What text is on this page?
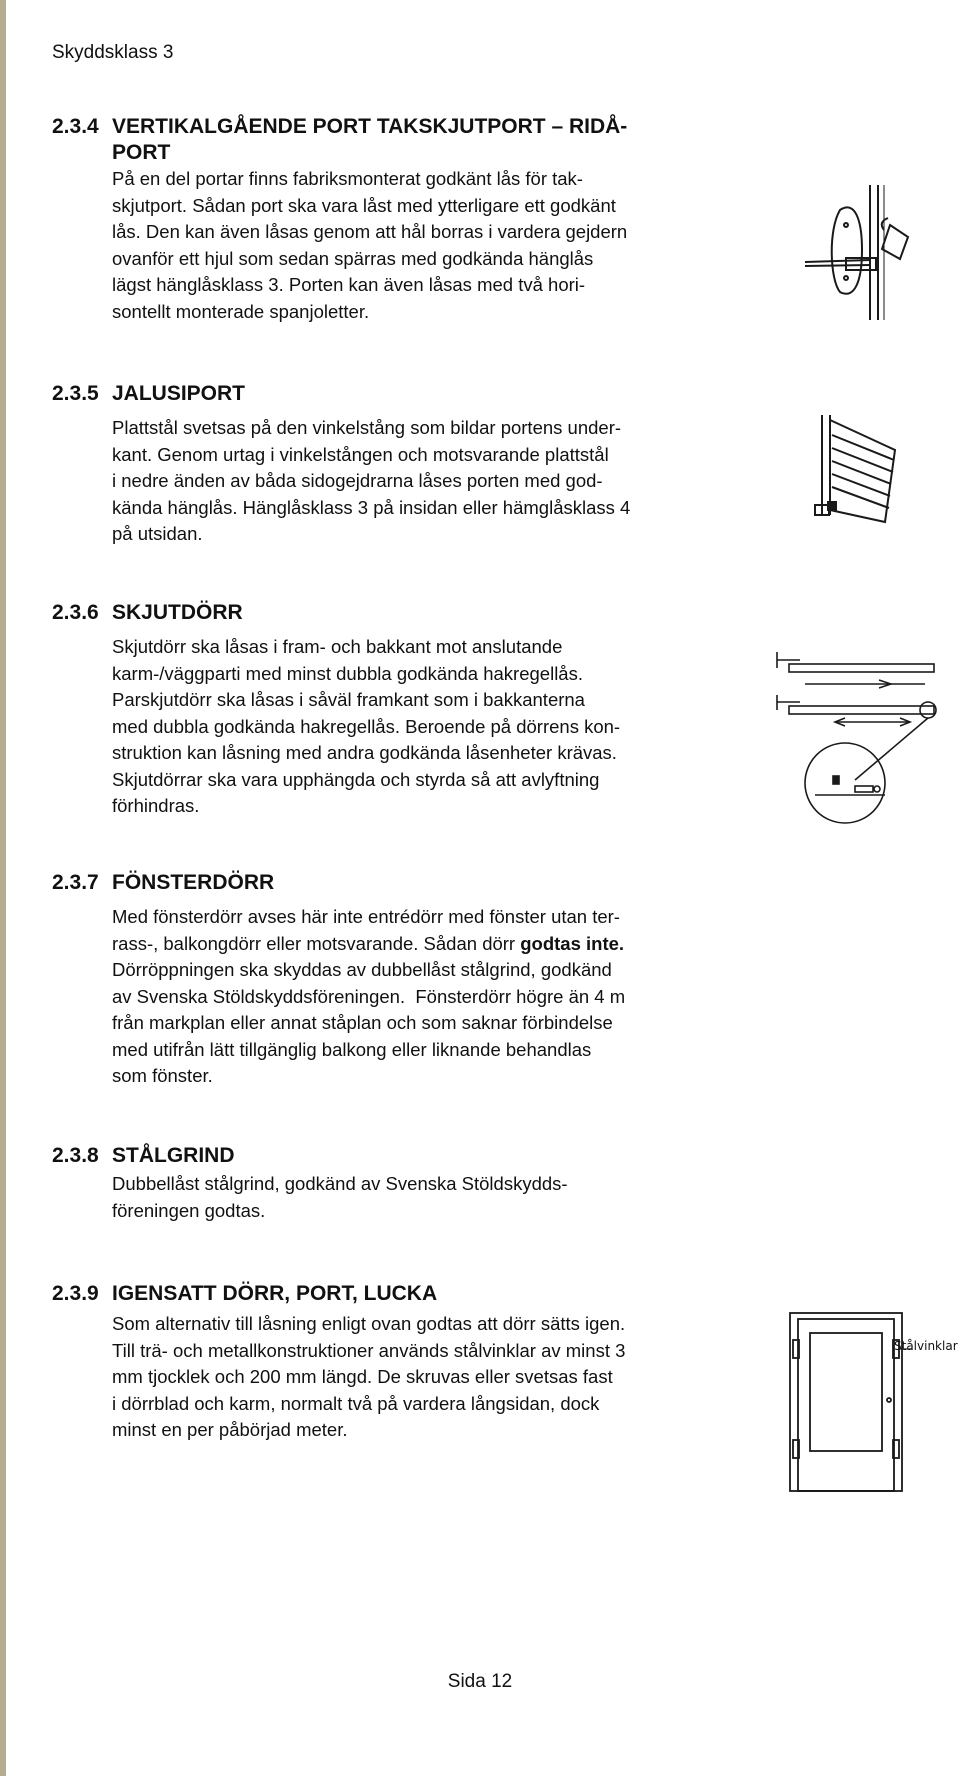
Skyddsklass 3
2.3.4 VERTIKALGÅENDE PORT TAKSKJUTPORT – RIDÅ-
PORT
På en del portar finns fabriksmonterat godkänt lås för tak-
skjutport. Sådan port ska vara låst med ytterligare ett godkänt
lås. Den kan även låsas genom att hål borras i vardera gejdern
ovanför ett hjul som sedan spärras med godkända hänglås
lägst hänglåsklass 3. Porten kan även låsas med två hori-
sontellt monterade spanjoletter.
2.3.5 JALUSIPORT
Plattstål svetsas på den vinkelstång som bildar portens under-
kant. Genom urtag i vinkelstången och motsvarande plattstål
i nedre änden av båda sidogejdrarna låses porten med god-
kända hänglås. Hänglåsklass 3 på insidan eller hämglåsklass 4
på utsidan.
2.3.6 SKJUTDÖRR
Skjutdörr ska låsas i fram- och bakkant mot anslutande
karm-/väggparti med minst dubbla godkända hakregellås.
Parskjutdörr ska låsas i såväl framkant som i bakkanterna
med dubbla godkända hakregellås. Beroende på dörrens kon-
struktion kan låsning med andra godkända låsenheter krävas.
Skjutdörrar ska vara upphängda och styrda så att avlyftning
förhindras.
2.3.7 FÖNSTERDÖRR
Med fönsterdörr avses här inte entrédörr med fönster utan ter-
rass-, balkongdörr eller motsvarande. Sådan dörr godtas inte.
Dörröppningen ska skyddas av dubbellåst stålgrind, godkänd
av Svenska Stöldskyddsföreningen.  Fönsterdörr högre än 4 m
från markplan eller annat ståplan och som saknar förbindelse
med utifrån lätt tillgänglig balkong eller liknande behandlas
som fönster.
2.3.8 STÅLGRIND
Dubbellåst stålgrind, godkänd av Svenska Stöldskydds-
föreningen godtas.
2.3.9 IGENSATT DÖRR, PORT, LUCKA
Som alternativ till låsning enligt ovan godtas att dörr sätts igen.
Till trä- och metallkonstruktioner används stålvinklar av minst 3
mm tjocklek och 200 mm längd. De skruvas eller svetsas fast
i dörrblad och karm, normalt två på vardera långsidan, dock
minst en per påbörjad meter.
Stålvinklar
Sida 12
